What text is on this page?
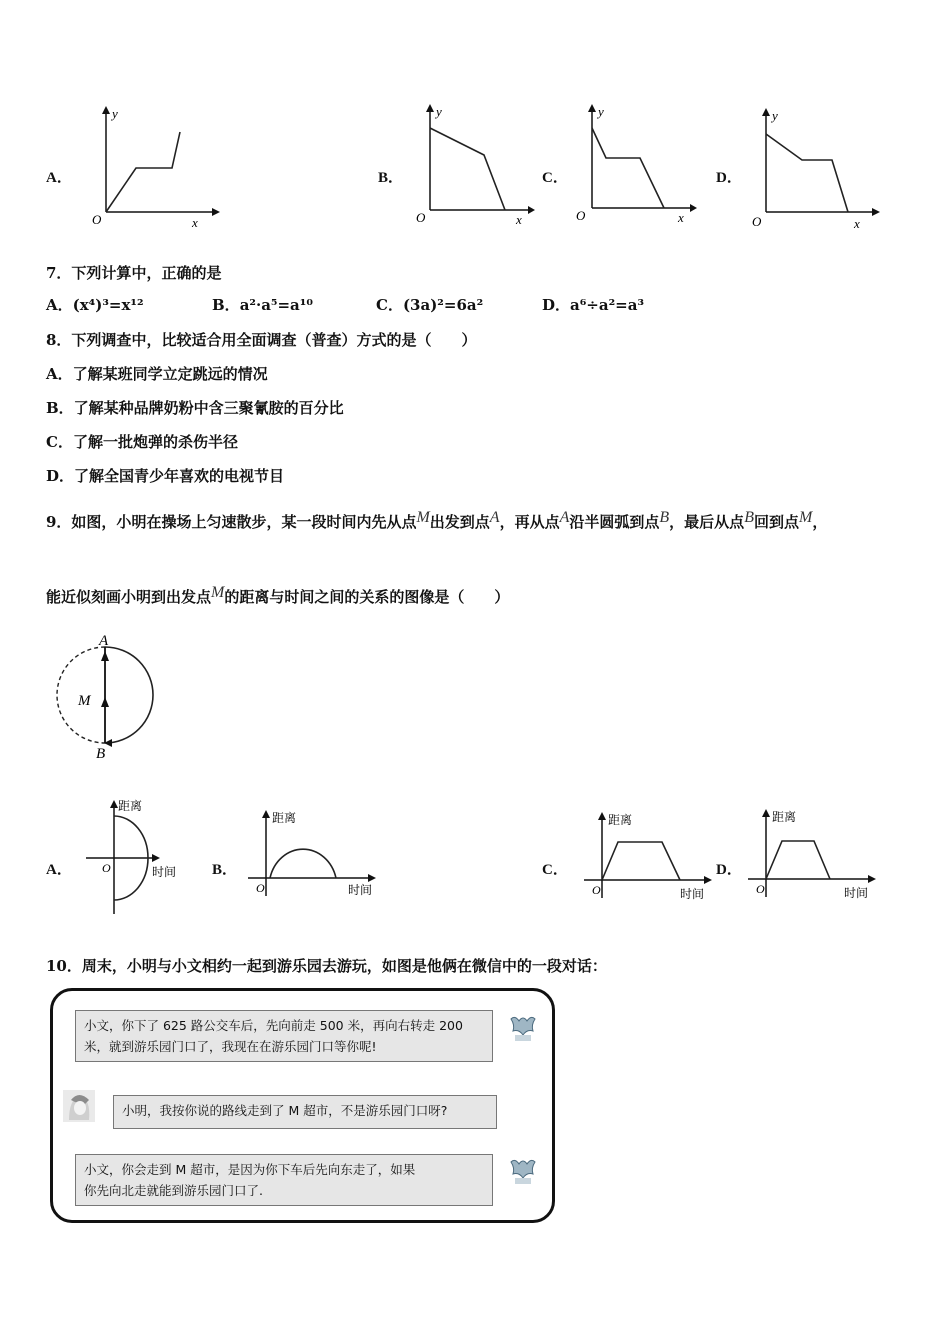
A．
y
x
O
B．
y
x
O
C．
y
x
O
D．
y
x
O
7．下列计算中，正确的是
A．(x⁴)³=x¹²	B．a²·a⁵=a¹⁰	C．(3a)²=6a²	D．a⁶÷a²=a³
8．下列调查中，比较适合用全面调查（普查）方式的是（　　）
A．了解某班同学立定跳远的情况
B．了解某种品牌奶粉中含三聚氰胺的百分比
C．了解一批炮弹的杀伤半径
D．了解全国青少年喜欢的电视节目
9．如图，小明在操场上匀速散步，某一段时间内先从点M出发到点A，再从点A沿半圆弧到点B，最后从点B回到点M，
能近似刻画小明到出发点M的距离与时间之间的关系的图像是（　　）
A
M
B
A．
距离
时间
O	B．
距离
时间
O
C．
距离
时间
O
D．
距离
时间
O
10．周末，小明与小文相约一起到游乐园去游玩，如图是他俩在微信中的一段对话：
小文，你下了 625 路公交车后，先向前走 500 米，再向右转走 200
米，就到游乐园门口了，我现在在游乐园门口等你呢!
小明，我按你说的路线走到了 M 超市，不是游乐园门口呀?
小文，你会走到 M 超市，是因为你下车后先向东走了，如果
你先向北走就能到游乐园门口了.
